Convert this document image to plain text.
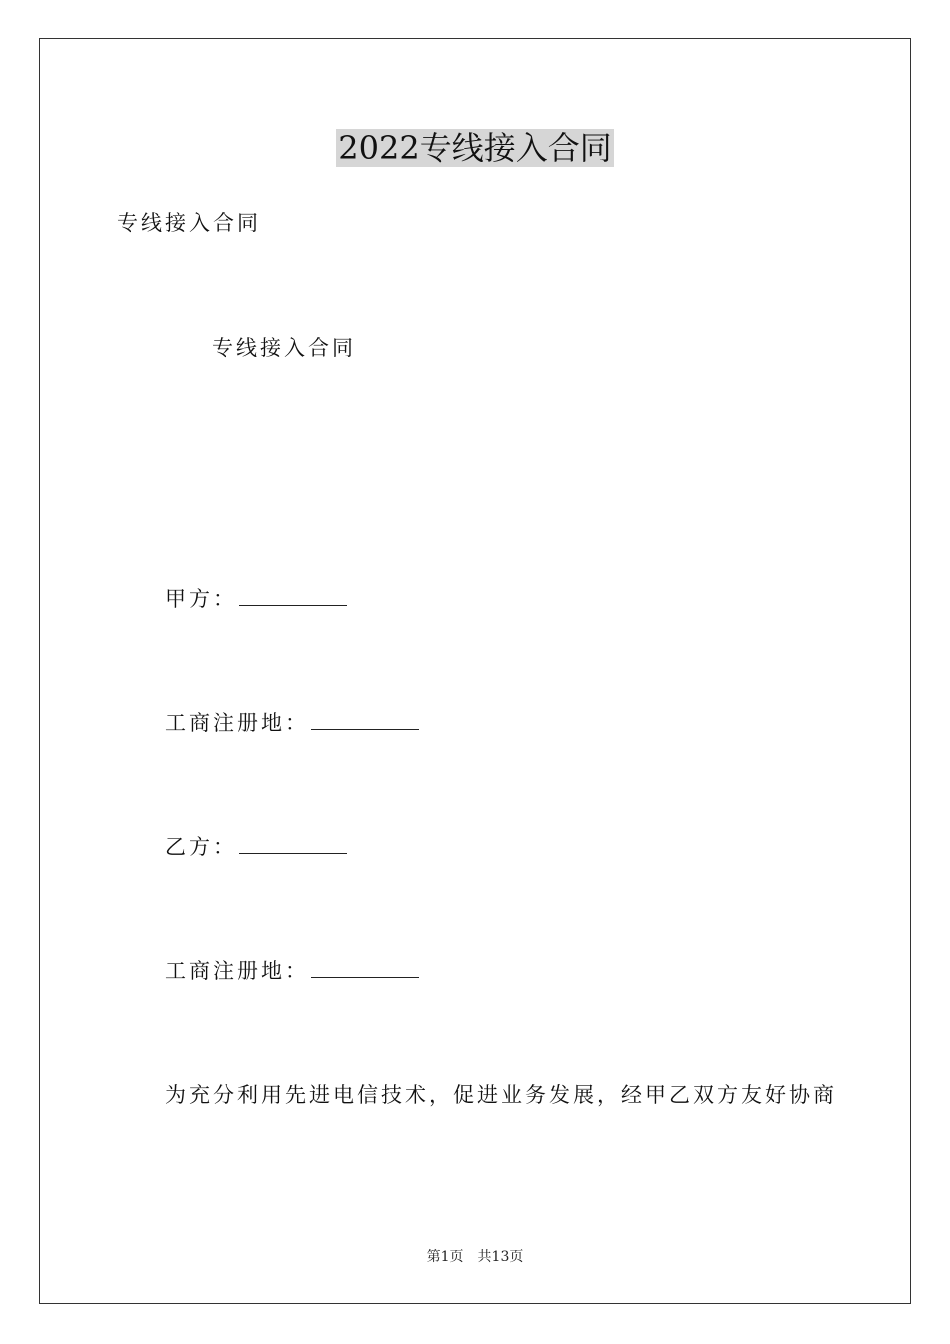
2022专线接入合同
专线接入合同
专线接入合同
甲方：
工商注册地：
乙方：
工商注册地：
为充分利用先进电信技术，促进业务发展，经甲乙双方友好协商
第1页 共13页
